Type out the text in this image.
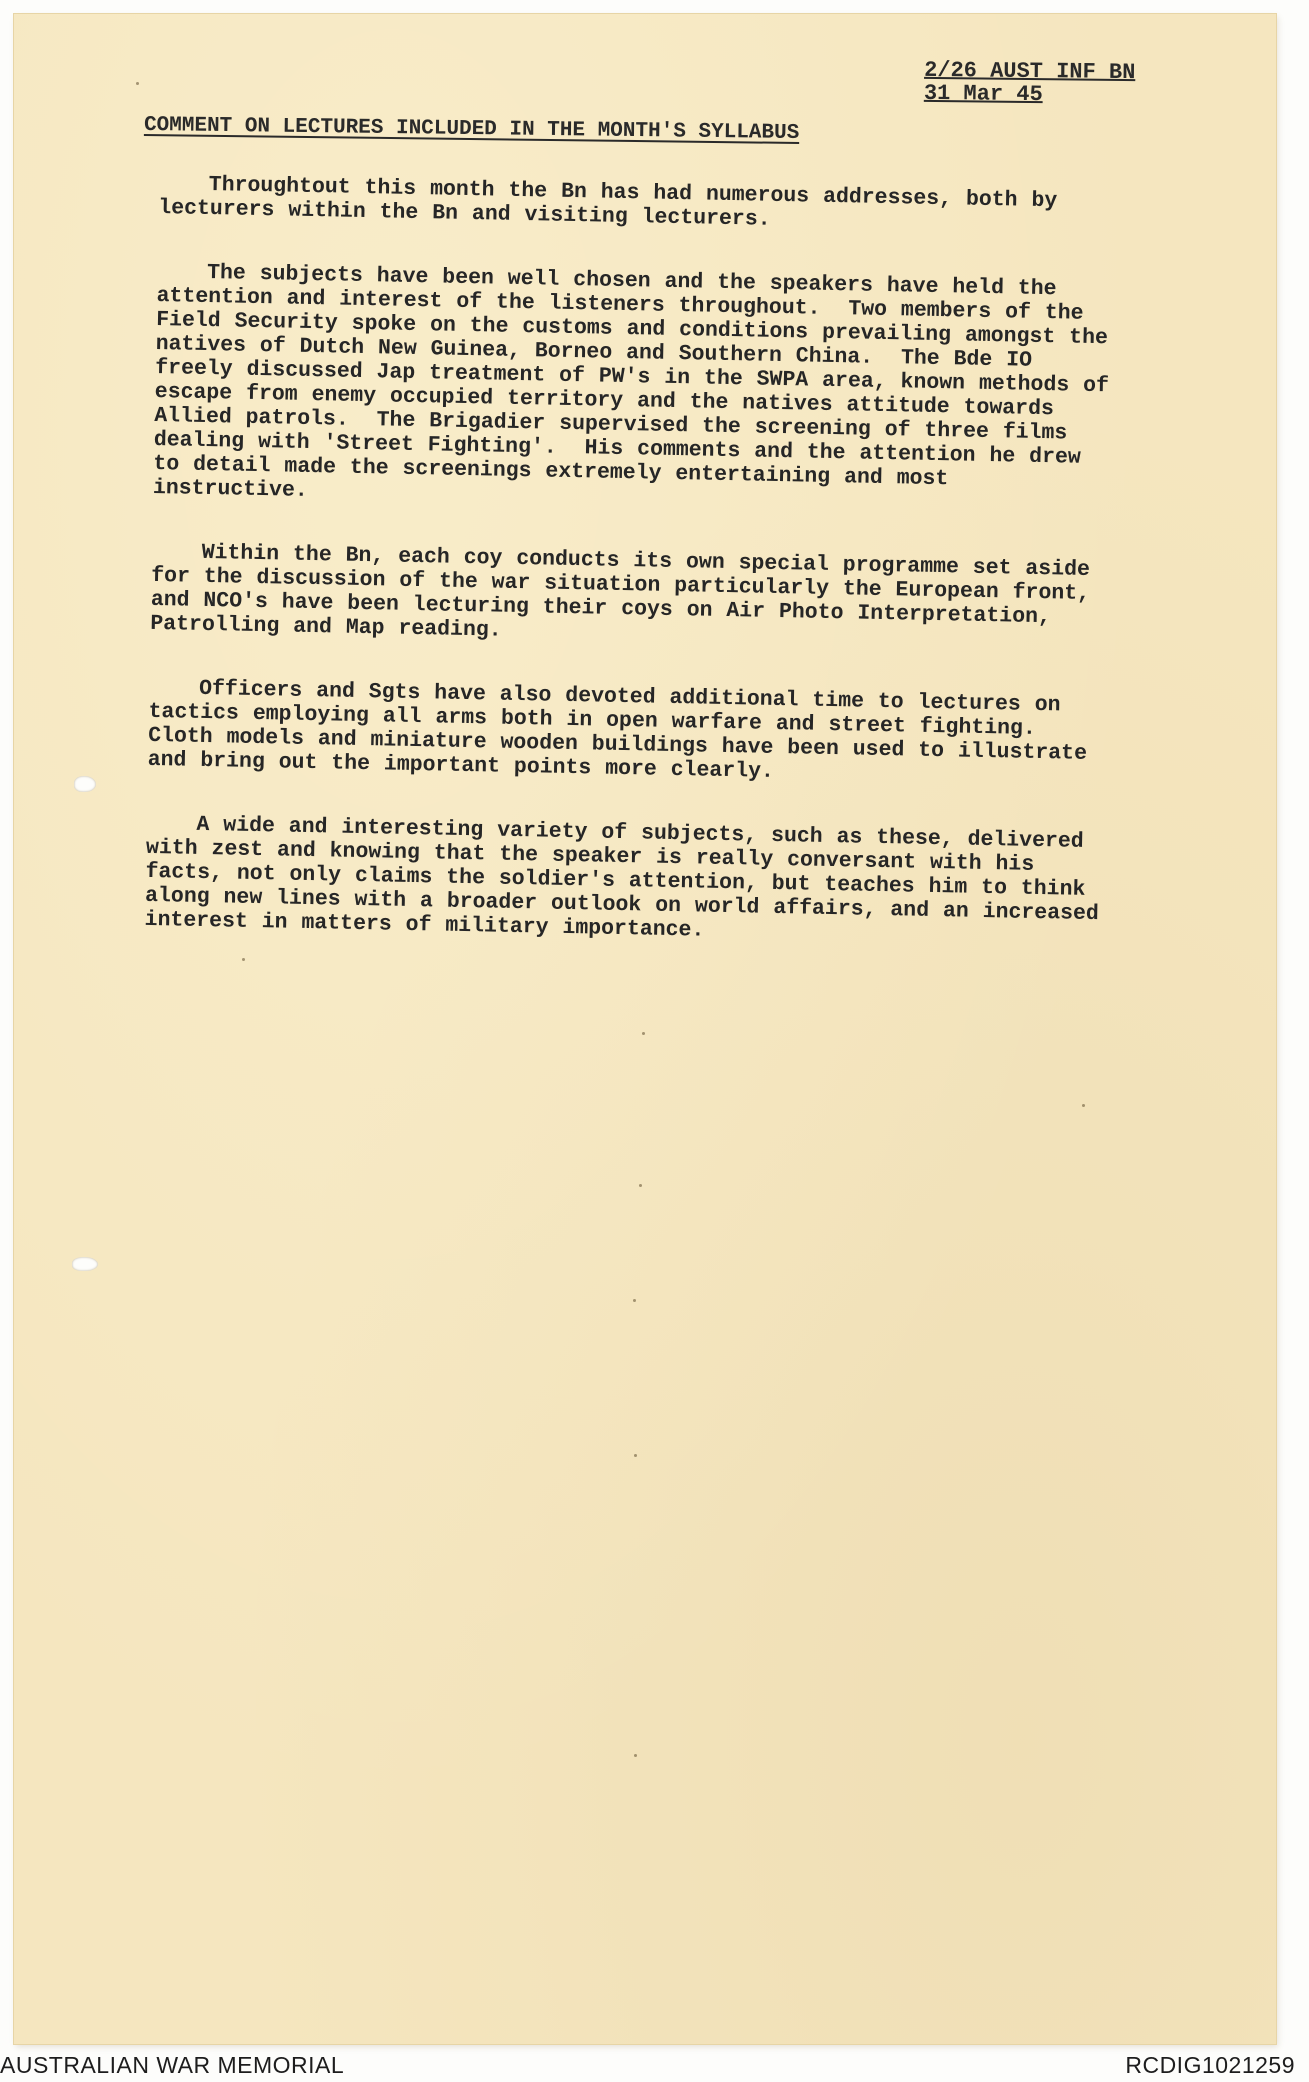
2/26 AUST INF BN
31 Mar 45
COMMENT ON LECTURES INCLUDED IN THE MONTH'S SYLLABUS

Throughtout this month the Bn has had numerous addresses, both by lecturers within the Bn and visiting lecturers.

The subjects have been well chosen and the speakers have held the attention and interest of the listeners throughout.  Two members of the Field Security spoke on the customs and conditions prevailing amongst the natives of Dutch New Guinea, Borneo and Southern China.  The Bde IO freely discussed Jap treatment of PW's in the SWPA area, known methods of escape from enemy occupied territory and the natives attitude towards Allied patrols.  The Brigadier supervised the screening of three films dealing with 'Street Fighting'.  His comments and the attention he drew to detail made the screenings extremely entertaining and most instructive.

Within the Bn, each coy conducts its own special programme set aside for the discussion of the war situation particularly the European front, and NCO's have been lecturing their coys on Air Photo Interpretation, Patrolling and Map reading.

Officers and Sgts have also devoted additional time to lectures on tactics employing all arms both in open warfare and street fighting.  Cloth models and miniature wooden buildings have been used to illustrate and bring out the important points more clearly.

A wide and interesting variety of subjects, such as these, delivered with zest and knowing that the speaker is really conversant with his facts, not only claims the soldier's attention, but teaches him to think along new lines with a broader outlook on world affairs, and an increased interest in matters of military importance.

AUSTRALIAN WAR MEMORIAL	RCDIG1021259
